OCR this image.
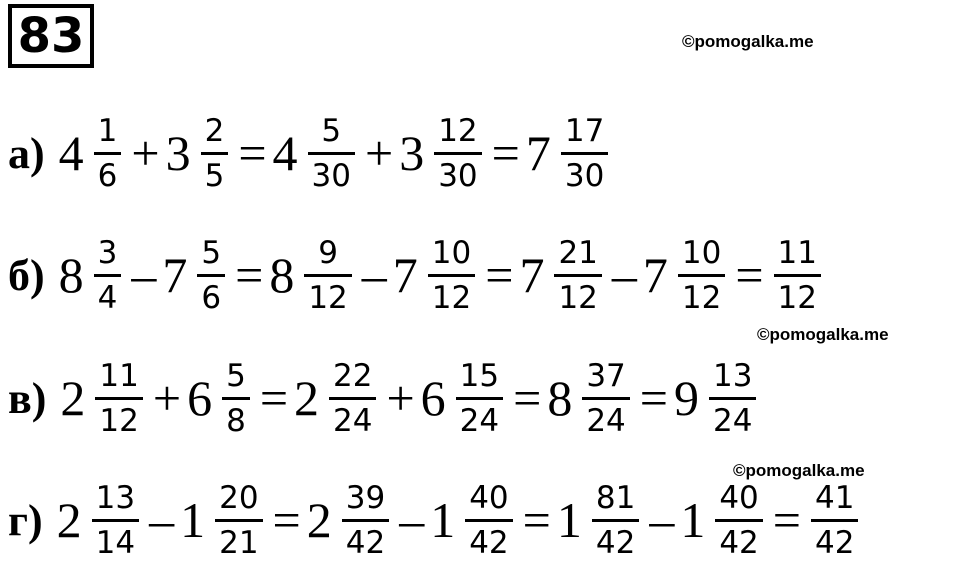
83	©pomogalka.me
©pomogalka.me
©pomogalka.me
а) $4 \frac{1}{6} + 3 \frac{2}{5} = 4 \frac{5}{30} + 3 \frac{12}{30} = 7 \frac{17}{30}$
б) $8 \frac{3}{4} - 7 \frac{5}{6} = 8 \frac{9}{12} - 7 \frac{10}{12} = 7 \frac{21}{12} - 7 \frac{10}{12} = \frac{11}{12}$
в) $2 \frac{11}{12} + 6 \frac{5}{8} = 2 \frac{22}{24} + 6 \frac{15}{24} = 8 \frac{37}{24} = 9 \frac{13}{24}$
г) $2 \frac{13}{14} - 1 \frac{20}{21} = 2 \frac{39}{42} - 1 \frac{40}{42} = 1 \frac{81}{42} - 1 \frac{40}{42} = \frac{41}{42}$
